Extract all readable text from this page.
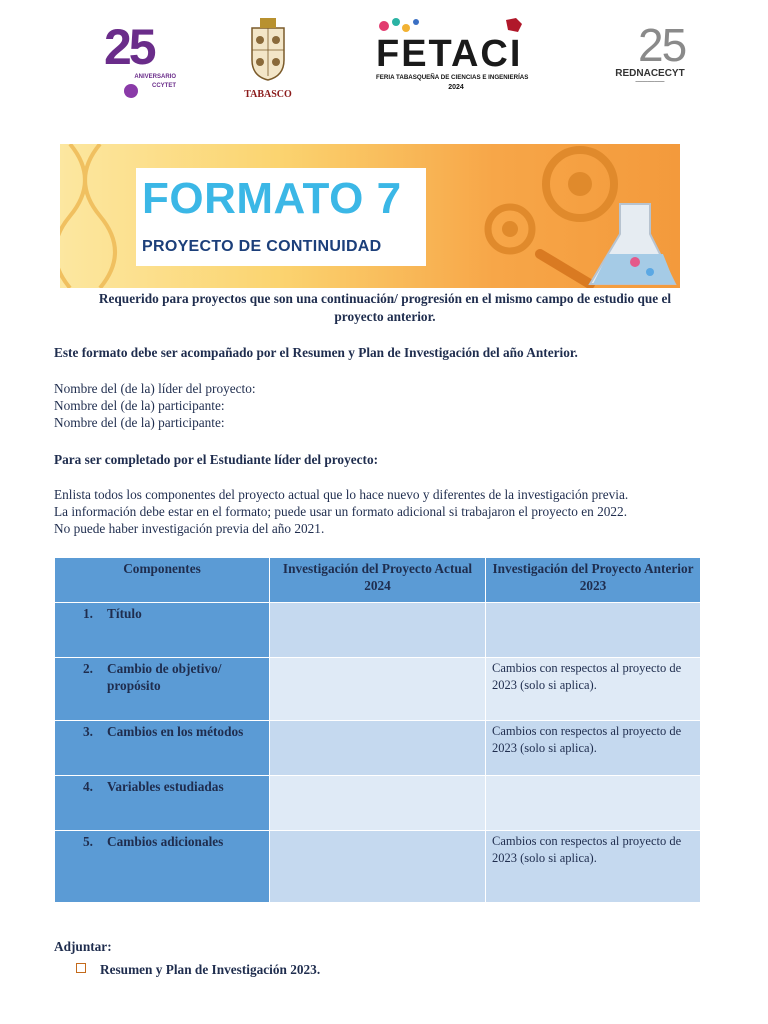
25
ANIVERSARIO
CCYTET
TABASCO
FETACI
FERIA TABASQUEÑA DE CIENCIAS E INGENIERÍAS
2024
25
REDNACECYT
━━━━━━━━━━━━
FORMATO 7
PROYECTO DE CONTINUIDAD
Requerido para proyectos que son una continuación/ progresión en el mismo campo de estudio que el
proyecto anterior.
Este formato debe ser acompañado por el Resumen y Plan de Investigación del año Anterior.
Nombre del (de la) líder del proyecto:
Nombre del (de la) participante:
Nombre del (de la) participante:
Para ser completado por el Estudiante líder del proyecto:
Enlista todos los componentes del proyecto actual que lo hace nuevo y diferentes de la investigación previa.
La información debe estar en el formato; puede usar un formato adicional si trabajaron el proyecto en 2022.
No puede haber investigación previa del año 2021.
Componentes	Investigación del Proyecto Actual 2024	Investigación del Proyecto Anterior 2023
1. Título		

2. Cambio de objetivo/ propósito		Cambios con respectos al proyecto de 2023 (solo si aplica).
3. Cambios en los métodos		Cambios con respectos al proyecto de 2023 (solo si aplica).
4. Variables estudiadas		
5. Cambios adicionales		Cambios con respectos al proyecto de 2023 (solo si aplica).
Adjuntar:
Resumen y Plan de Investigación 2023.
